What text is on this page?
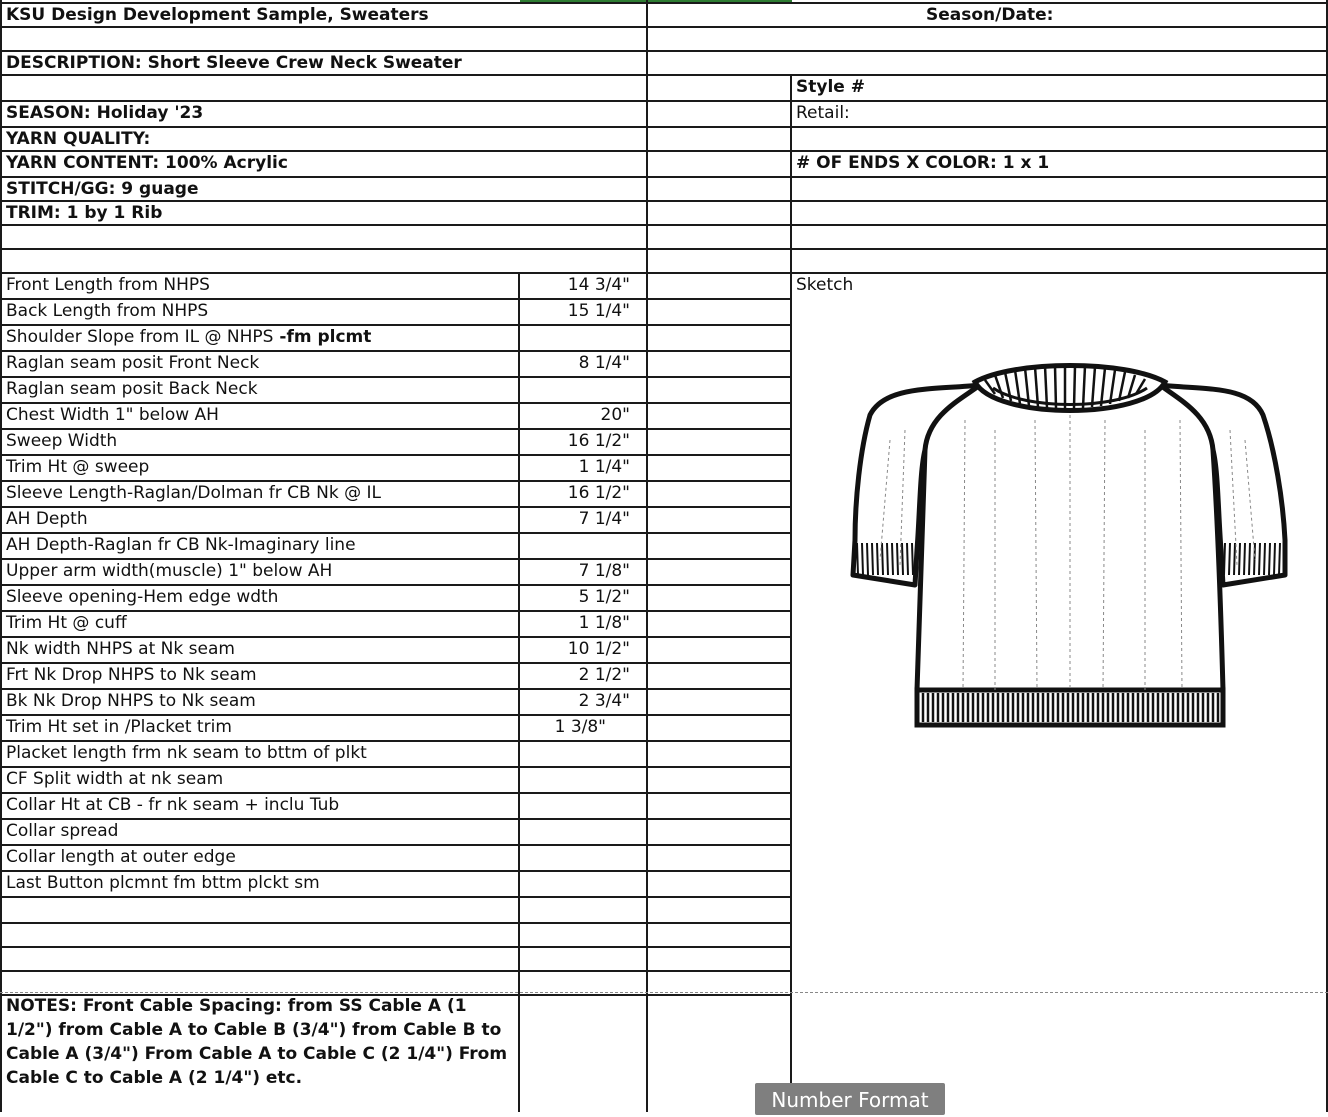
KSU Design Development Sample, Sweaters	Season/Date:
DESCRIPTION: Short Sleeve Crew Neck Sweater
Style #
SEASON: Holiday '23	Retail:
YARN QUALITY:
YARN CONTENT: 100% Acrylic	# OF ENDS X COLOR: 1 x 1
STITCH/GG: 9 guage
TRIM: 1 by 1 Rib
Sketch
Front Length from NHPS	14 3/4"
Back Length from NHPS	15 1/4"
Shoulder Slope from IL @ NHPS -fm plcmt
Raglan seam posit Front Neck	8 1/4"
Raglan seam posit Back Neck
Chest Width 1" below AH	20"
Sweep Width	16 1/2"
Trim Ht @ sweep	1 1/4"
Sleeve Length-Raglan/Dolman fr CB Nk @ IL	16 1/2"
AH Depth	7 1/4"
AH Depth-Raglan fr CB Nk-Imaginary line
Upper arm width(muscle) 1" below AH	7 1/8"
Sleeve opening-Hem edge wdth	5 1/2"
Trim Ht @ cuff	1 1/8"
Nk width NHPS at Nk seam	10 1/2"
Frt Nk Drop NHPS to Nk seam	2 1/2"
Bk Nk Drop NHPS to Nk seam	2 3/4"
Trim Ht set in /Placket trim	1 3/8"
Placket length frm nk seam to bttm of plkt
CF Split width at nk seam
Collar Ht at CB - fr nk seam + inclu Tub
Collar spread
Collar length at outer edge
Last Button plcmnt fm bttm plckt sm
NOTES: Front Cable Spacing: from SS Cable A (1 1/2") from Cable A to Cable B (3/4") from Cable B to Cable A (3/4") From Cable A to Cable C (2 1/4") From Cable C to Cable A (2 1/4") etc.
Number Format
